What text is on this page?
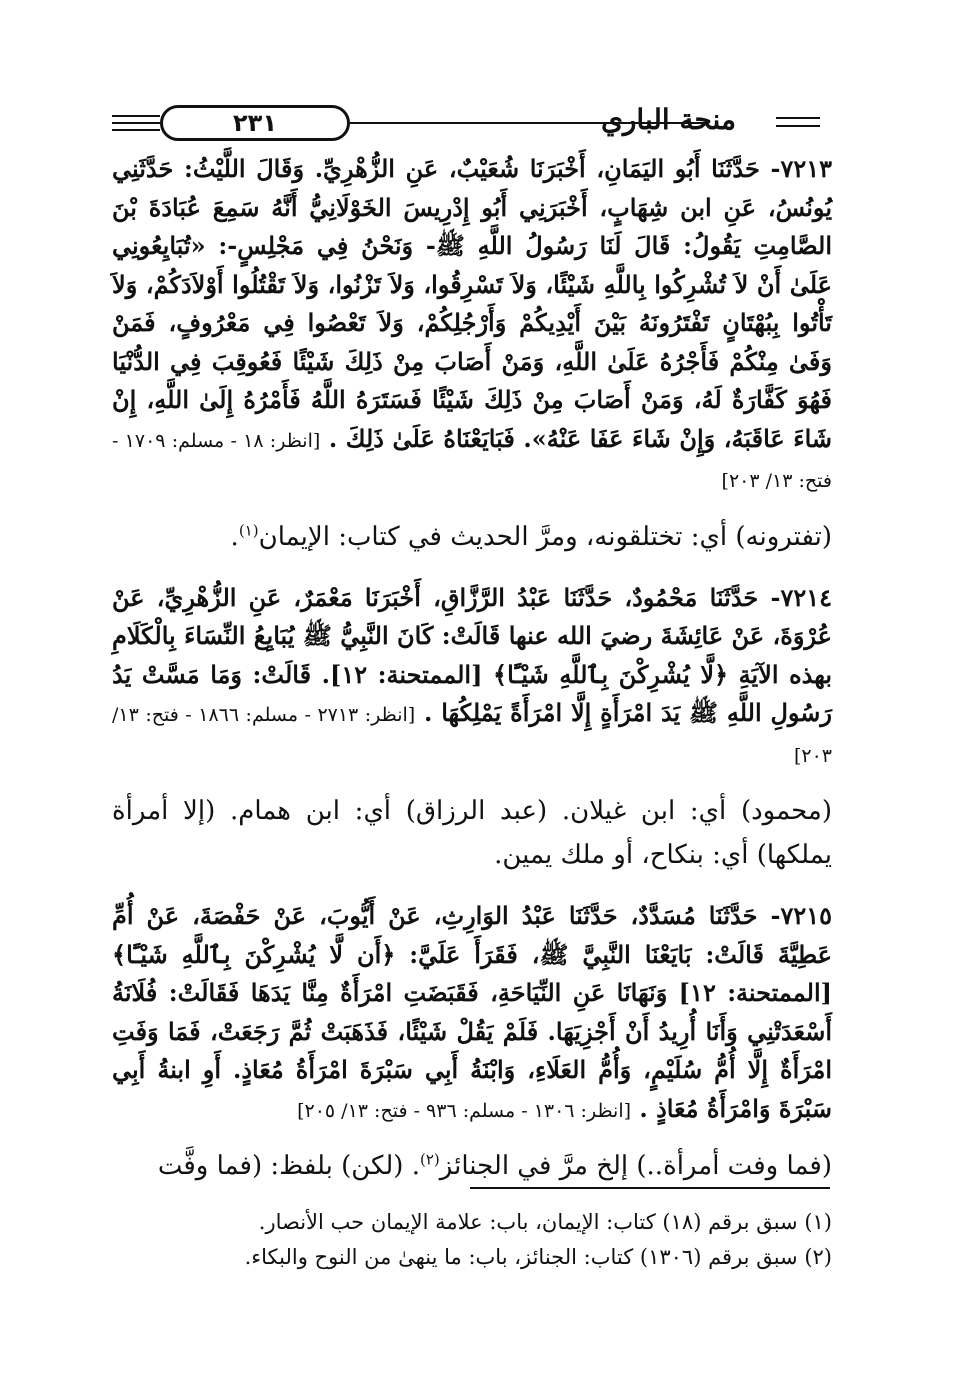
٢٣١	منحة الباري

٧٢١٣- حَدَّثَنَا أَبُو اليَمَانِ، أَخْبَرَنَا شُعَيْبٌ، عَنِ الزُّهْرِيِّ. وَقَالَ اللَّيْثُ: حَدَّثَنِي يُونُسُ، عَنِ ابن شِهَابٍ، أَخْبَرَنِي أَبُو إِدْرِيسَ الخَوْلَانِيُّ أَنَّهُ سَمِعَ عُبَادَةَ بْنَ الصَّامِتِ يَقُولُ: قَالَ لَنَا رَسُولُ اللَّهِ ﷺ- وَنَحْنُ فِي مَجْلِسٍ-: «تُبَايِعُونِي عَلَىٰ أَنْ لاَ تُشْرِكُوا بِاللَّهِ شَيْئًا، وَلاَ تَسْرِقُوا، وَلاَ تَزْنُوا، وَلاَ تَقْتُلُوا أَوْلاَدَكُمْ، وَلاَ تَأْتُوا بِبُهْتَانٍ تَفْتَرُونَهُ بَيْنَ أَيْدِيكُمْ وَأَرْجُلِكُمْ، وَلاَ تَعْصُوا فِي مَعْرُوفٍ، فَمَنْ وَفَىٰ مِنْكُمْ فَأَجْرُهُ عَلَىٰ اللَّهِ، وَمَنْ أَصَابَ مِنْ ذَلِكَ شَيْئًا فَعُوقِبَ فِي الدُّنْيَا فَهُوَ كَفَّارَةٌ لَهُ، وَمَنْ أَصَابَ مِنْ ذَلِكَ شَيْئًا فَسَتَرَهُ اللَّهُ فَأَمْرُهُ إِلَىٰ اللَّهِ، إِنْ شَاءَ عَاقَبَهُ، وَإِنْ شَاءَ عَفَا عَنْهُ». فَبَايَعْنَاهُ عَلَىٰ ذَلِكَ . [انظر: ١٨ - مسلم: ١٧٠٩ - فتح: ١٣/ ٢٠٣]

(تفترونه) أي: تختلقونه، ومرَّ الحديث في كتاب: الإيمان$^{(١)}$.

٧٢١٤- حَدَّثَنَا مَحْمُودٌ، حَدَّثَنَا عَبْدُ الرَّزَّاقِ، أَخْبَرَنَا مَعْمَرٌ، عَنِ الزُّهْرِيِّ، عَنْ عُرْوَةَ، عَنْ عَائِشَةَ رضيَ الله عنها قَالَتْ: كَانَ النَّبِيُّ ﷺ يُبَايِعُ النِّسَاءَ بِالْكَلَامِ بهذه الآيَةِ ﴿لَّا يُشْرِكْنَ بِٱللَّهِ شَيْـًٔا﴾ [الممتحنة: ١٢]. قَالَتْ: وَمَا مَسَّتْ يَدُ رَسُولِ اللَّهِ ﷺ يَدَ امْرَأَةٍ إِلَّا امْرَأَةً يَمْلِكُهَا . [انظر: ٢٧١٣ - مسلم: ١٨٦٦ - فتح: ١٣/ ٢٠٣]

(محمود) أي: ابن غيلان. (عبد الرزاق) أي: ابن همام. (إلا أمرأة يملكها) أي: بنكاح، أو ملك يمين.

٧٢١٥- حَدَّثَنَا مُسَدَّدٌ، حَدَّثَنَا عَبْدُ الوَارِثِ، عَنْ أَيُّوبَ، عَنْ حَفْصَةَ، عَنْ أُمِّ عَطِيَّةَ قَالَتْ: بَايَعْنَا النَّبِيَّ ﷺ، فَقَرَأَ عَلَيَّ: ﴿أَن لَّا يُشْرِكْنَ بِٱللَّهِ شَيْـًٔا﴾ [الممتحنة: ١٢] وَنَهَانَا عَنِ النِّيَاحَةِ، فَقَبَضَتِ امْرَأَةٌ مِنَّا يَدَهَا فَقَالَتْ: فُلَانَةُ أَسْعَدَتْنِي وَأَنَا أُرِيدُ أَنْ أَجْزِيَهَا. فَلَمْ يَقُلْ شَيْئًا، فَذَهَبَتْ ثُمَّ رَجَعَتْ، فَمَا وَفَتِ امْرَأَةٌ إِلَّا أُمُّ سُلَيْمٍ، وَأُمُّ العَلَاءِ، وَابْنَةُ أَبِي سَبْرَةَ امْرَأَةُ مُعَاذٍ. أَوِ ابنةُ أَبِي سَبْرَةَ وَامْرَأَةُ مُعَاذٍ . [انظر: ١٣٠٦ - مسلم: ٩٣٦ - فتح: ١٣/ ٢٠٥]

(فما وفت أمرأة..) إلخ مرَّ في الجنائز$^{(٢)}$. (لكن) بلفظ: (فما وفَّت

(١) سبق برقم (١٨) كتاب: الإيمان، باب: علامة الإيمان حب الأنصار.
(٢) سبق برقم (١٣٠٦) كتاب: الجنائز، باب: ما ينهىٰ من النوح والبكاء.
